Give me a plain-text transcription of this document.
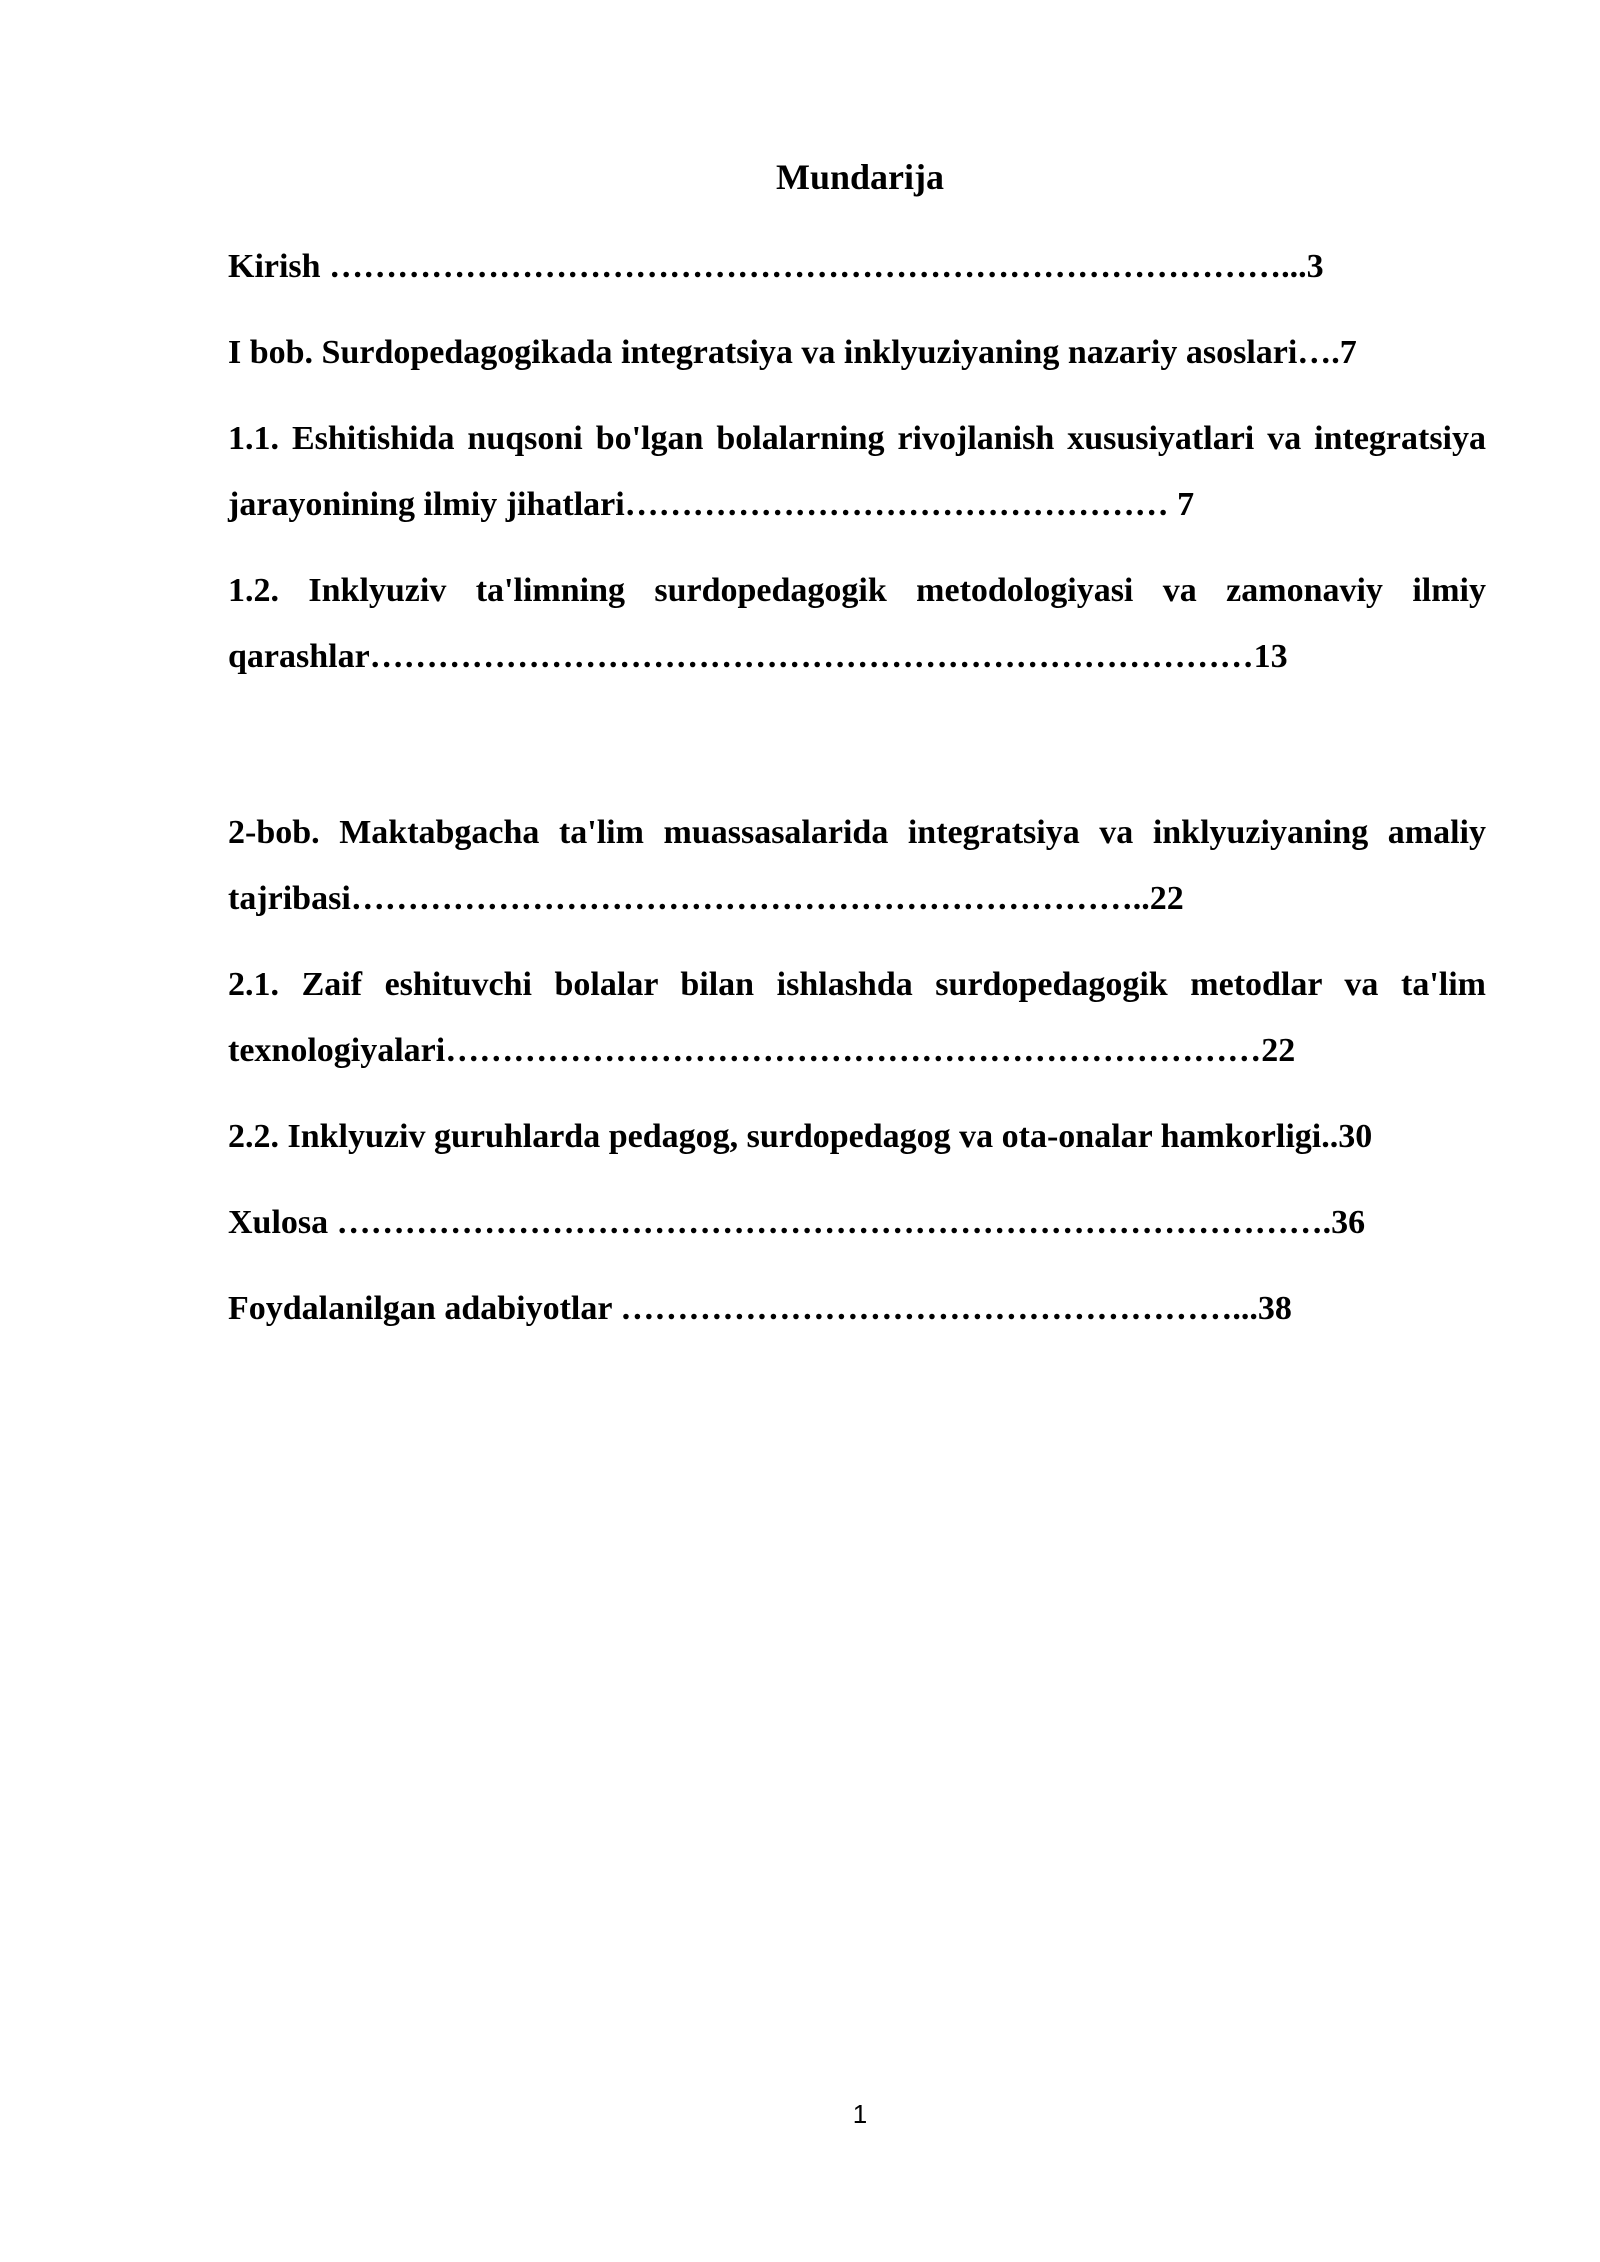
Mundarija

Kirish …………………………………………………………………………...3

I bob. Surdopedagogikada integratsiya va inklyuziyaning nazariy asoslari….7

1.1. Eshitishida nuqsoni bo'lgan bolalarning rivojlanish xususiyatlari va integratsiya jarayonining ilmiy jihatlari………………………………………… 7

1.2. Inklyuziv ta'limning surdopedagogik metodologiyasi va zamonaviy ilmiy qarashlar……………………………………………………………………13

2-bob. Maktabgacha ta'lim muassasalarida integratsiya va inklyuziyaning amaliy tajribasi……………………………………………………………..22

2.1. Zaif eshituvchi bolalar bilan ishlashda surdopedagogik metodlar va ta'lim texnologiyalari………………………………………………………………22

2.2. Inklyuziv guruhlarda pedagog, surdopedagog va ota-onalar hamkorligi..30

Xulosa …………………………………………………………………………….36

Foydalanilgan adabiyotlar ………………………………………………...38

1
